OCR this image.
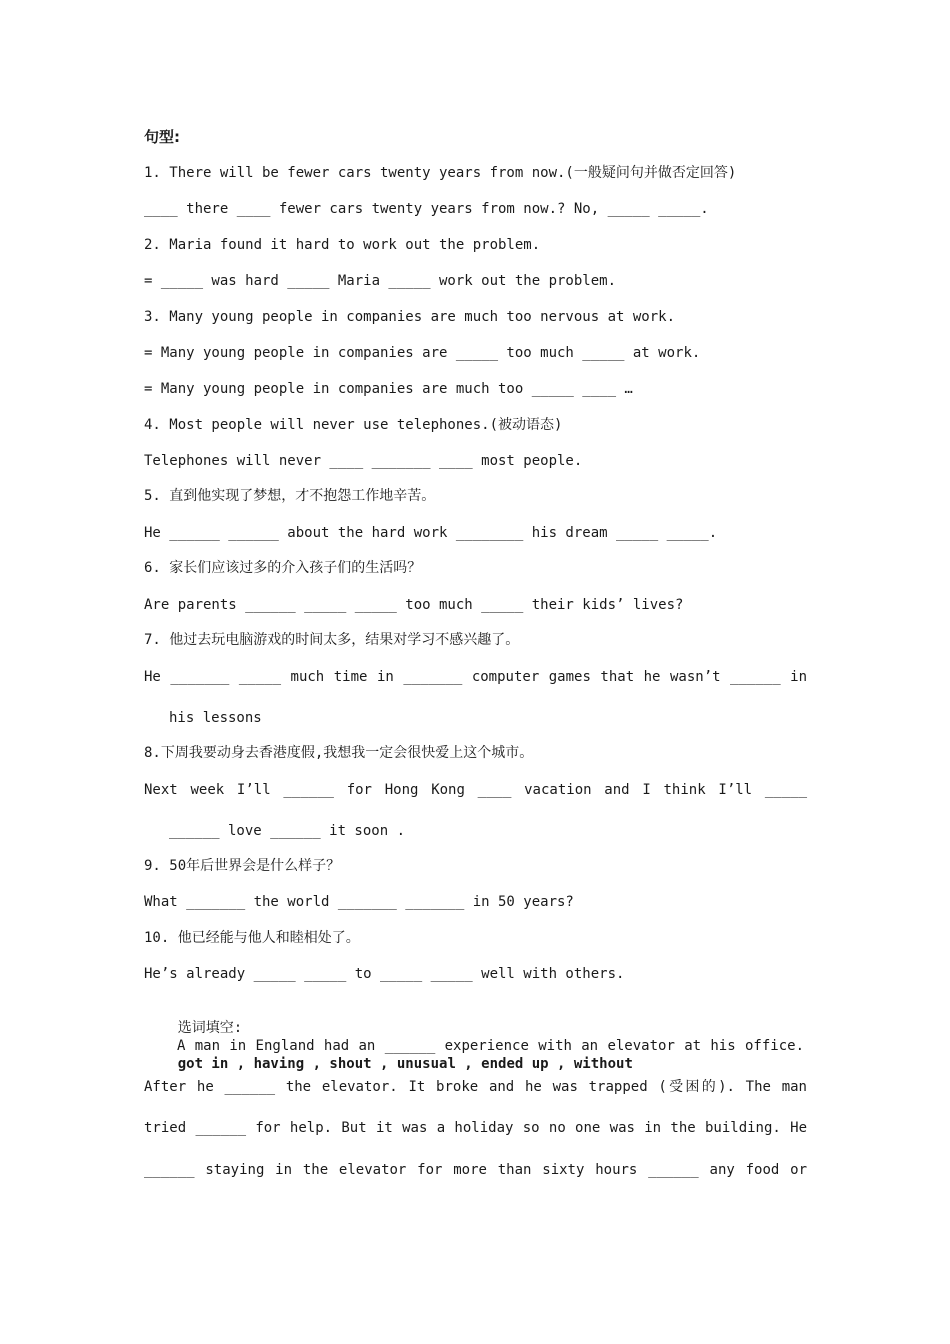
句型:
1. There will be fewer cars twenty years from now.(一般疑问句并做否定回答)
____ there ____ fewer cars twenty years from now.? No, _____ _____.
2. Maria found it hard to work out the problem.
= _____ was hard _____ Maria _____ work out the problem.
3. Many young people in companies are much too nervous at work.
= Many young people in companies are _____ too much _____ at work.
= Many young people in companies are much too _____ ____ …
4. Most people will never use telephones.(被动语态)
Telephones will never ____ _______ ____ most people.
5. 直到他实现了梦想，才不抱怨工作地辛苦。
He ______ ______ about the hard work ________ his dream _____ _____.
6. 家长们应该过多的介入孩子们的生活吗？
Are parents ______ _____ _____ too much _____ their kids’ lives?
7. 他过去玩电脑游戏的时间太多，结果对学习不感兴趣了。
He _______ _____ much time in _______ computer games that he wasn’t ______ in
his lessons
8.下周我要动身去香港度假,我想我一定会很快爱上这个城市。
Next week I’ll ______ for Hong Kong ____ vacation and I think I’ll _____
______ love ______ it soon .
9. 50年后世界会是什么样子？
What _______ the world _______ _______ in 50 years?
10. 他已经能与他人和睦相处了。
He’s already _____ _____ to _____ _____ well with others.

选词填空:

got in , having , shout , unusual , ended up , without

A man in England had an ______ experience with an elevator at his office.
After he ______ the elevator. It broke and he was trapped (受困的). The man
tried ______ for help. But it was a holiday so no one was in the building. He
______ staying in the elevator for more than sixty hours ______ any food or
